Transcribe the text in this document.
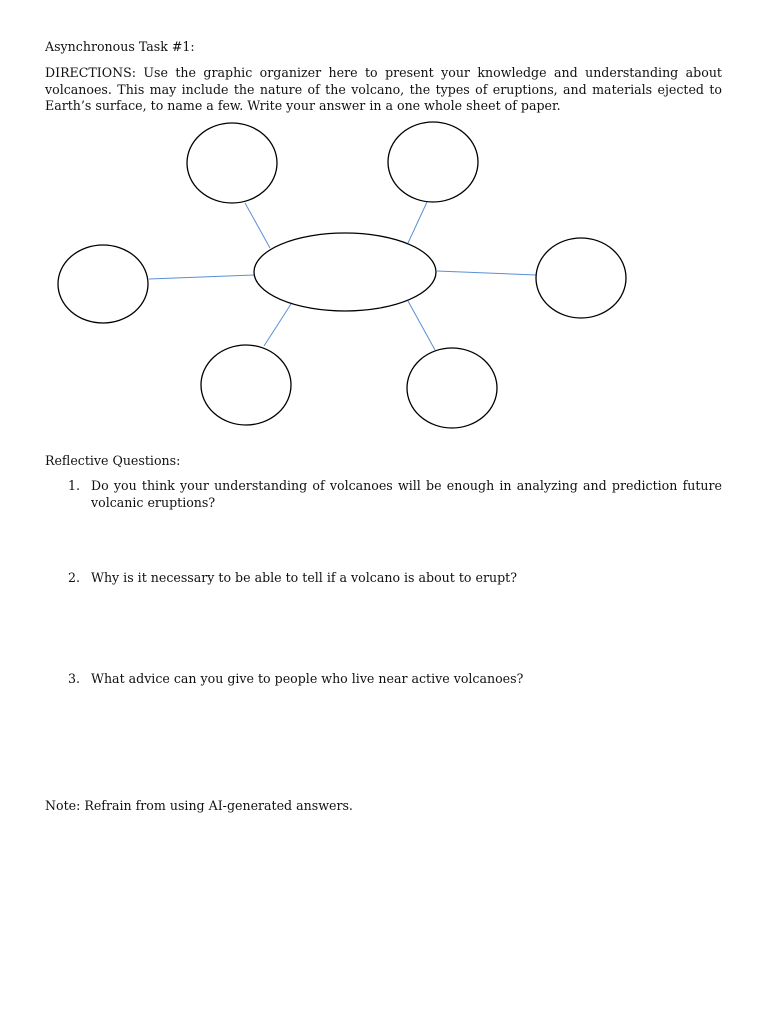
Asynchronous Task #1:
DIRECTIONS: Use the graphic organizer here to present your knowledge and understanding about volcanoes. This may include the nature of the volcano, the types of eruptions, and materials ejected to Earth’s surface, to name a few. Write your answer in a one whole sheet of paper.
Reflective Questions:
1. Do you think your understanding of volcanoes will be enough in analyzing and prediction future volcanic eruptions?
2. Why is it necessary to be able to tell if a volcano is about to erupt?
3. What advice can you give to people who live near active volcanoes?
Note: Refrain from using AI-generated answers.
